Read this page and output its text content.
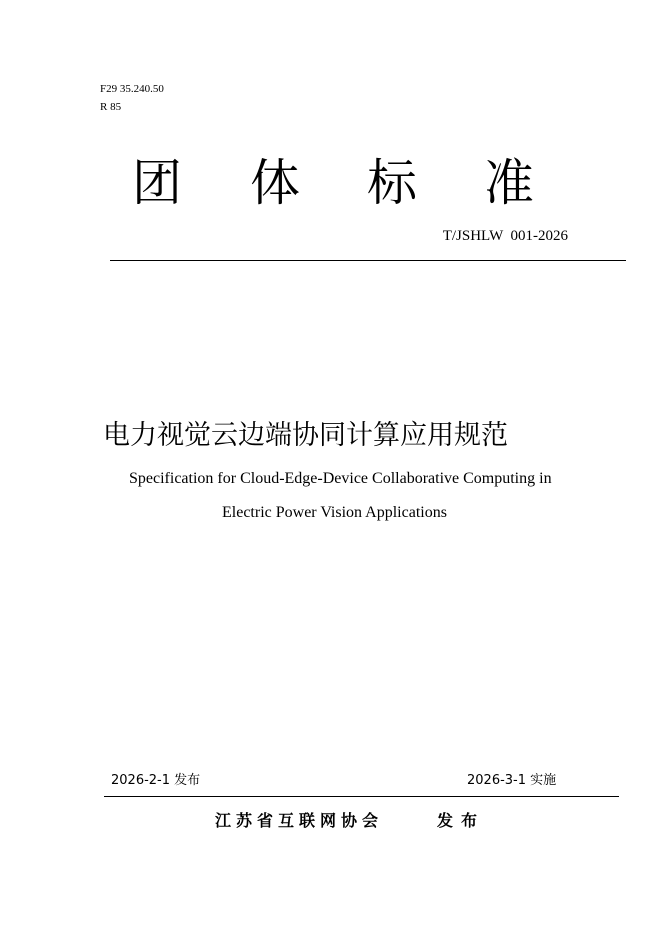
F29 35.240.50
R 85
团 体 标 准
T/JSHLW  001-2026
电力视觉云边端协同计算应用规范
Specification for Cloud-Edge-Device Collaborative Computing in
Electric Power Vision Applications
2026-2-1 发布	2026-3-1 实施
江苏省互联网协会	发布
